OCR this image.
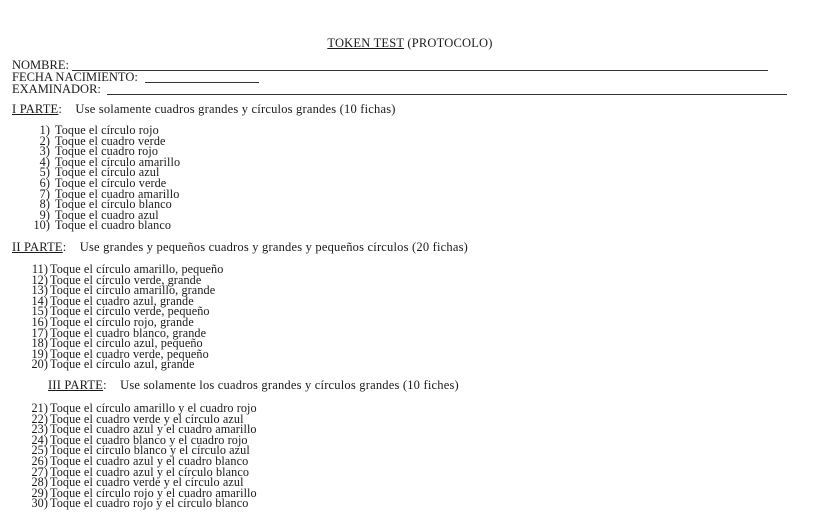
TOKEN TEST (PROTOCOLO)
NOMBRE:
FECHA NACIMIENTO:
EXAMINADOR:
I PARTE: Use solamente cuadros grandes y círculos grandes (10 fichas)
1) Toque el círculo rojo
2) Toque el cuadro verde
3) Toque el cuadro rojo
4) Toque el círculo amarillo
5) Toque el círculo azul
6) Toque el círculo verde
7) Toque el cuadro amarillo
8) Toque el círculo blanco
9) Toque el cuadro azul
10) Toque el cuadro blanco
II PARTE: Use grandes y pequeños cuadros y grandes y pequeños círculos (20 fichas)
11) Toque el círculo amarillo, pequeño
12) Toque el círculo verde, grande
13) Toque el círculo amarillo, grande
14) Toque el cuadro azul, grande
15) Toque el círculo verde, pequeño
16) Toque el círculo rojo, grande
17) Toque el cuadro blanco, grande
18) Toque el círculo azul, pequeño
19) Toque el cuadro verde, pequeño
20) Toque el círculo azul, grande
III PARTE: Use solamente los cuadros grandes y círculos grandes (10 fiches)
21) Toque el círculo amarillo y el cuadro rojo
22) Toque el cuadro verde y el círculo azul
23) Toque el cuadro azul y el cuadro amarillo
24) Toque el cuadro blanco y el cuadro rojo
25) Toque el círculo blanco y el círculo azul
26) Toque el cuadro azul y el cuadro blanco
27) Toque el cuadro azul y el círculo blanco
28) Toque el cuadro verde y el círculo azul
29) Toque el círculo rojo y el cuadro amarillo
30) Toque el cuadro rojo y el círculo blanco
